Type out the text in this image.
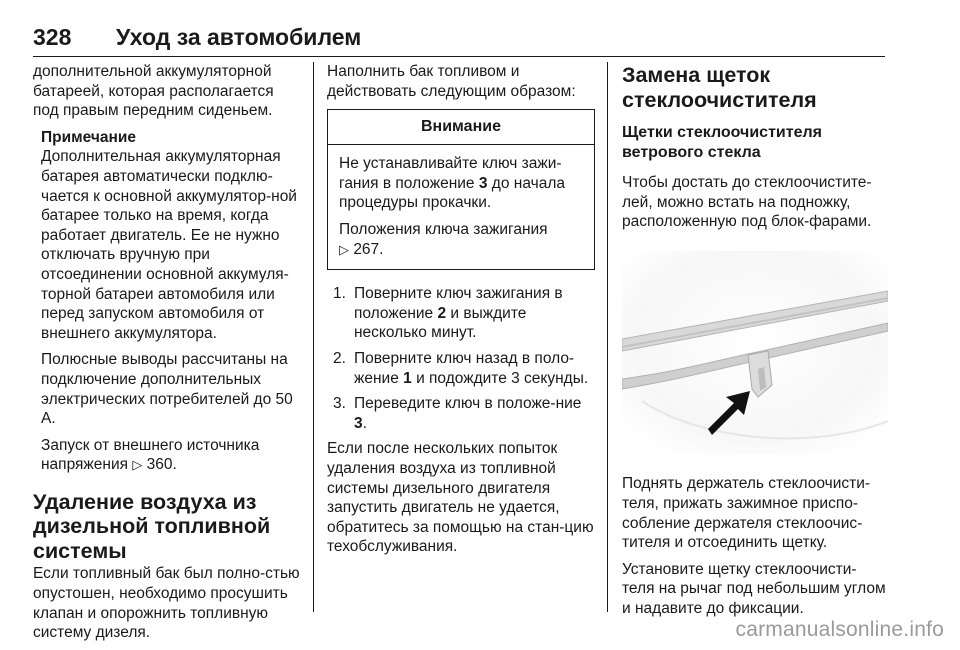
328 Уход за автомобилем

дополнительной аккумуляторной батареей, которая располагается под правым передним сиденьем.

Примечание

Дополнительная аккумуляторная батарея автоматически подклю-чается к основной аккумулятор-ной батарее только на время, когда работает двигатель. Ее не нужно отключать вручную при отсоединении основной аккумуля-торной батареи автомобиля или перед запуском автомобиля от внешнего аккумулятора.

Полюсные выводы рассчитаны на подключение дополнительных электрических потребителей до 50 А.

Запуск от внешнего источника напряжения ▷ 360.

Удаление воздуха из дизельной топливной системы

Если топливный бак был полно-стью опустошен, необходимо просушить клапан и опорожнить топливную систему дизеля.

Наполнить бак топливом и действовать следующим образом:

Внимание

Не устанавливайте ключ зажи-гания в положение 3 до начала процедуры прокачки.

Положения ключа зажигания
▷ 267.

1. Поверните ключ зажигания в положение 2 и выждите несколько минут.
2. Поверните ключ назад в поло-жение 1 и подождите 3 секунды.
3. Переведите ключ в положе-ние 3.

Если после нескольких попыток удаления воздуха из топливной системы дизельного двигателя запустить двигатель не удается, обратитесь за помощью на стан-цию техобслуживания.

Замена щеток стеклоочистителя
Щетки стеклоочистителя ветрового стекла

Чтобы достать до стеклоочистите-лей, можно встать на подножку, расположенную под блок-фарами.

Поднять держатель стеклоочисти-теля, прижать зажимное приспо-собление держателя стеклоочис-тителя и отсоединить щетку.

Установите щетку стеклоочисти-теля на рычаг под небольшим углом и надавите до фиксации.

carmanualsonline.info
